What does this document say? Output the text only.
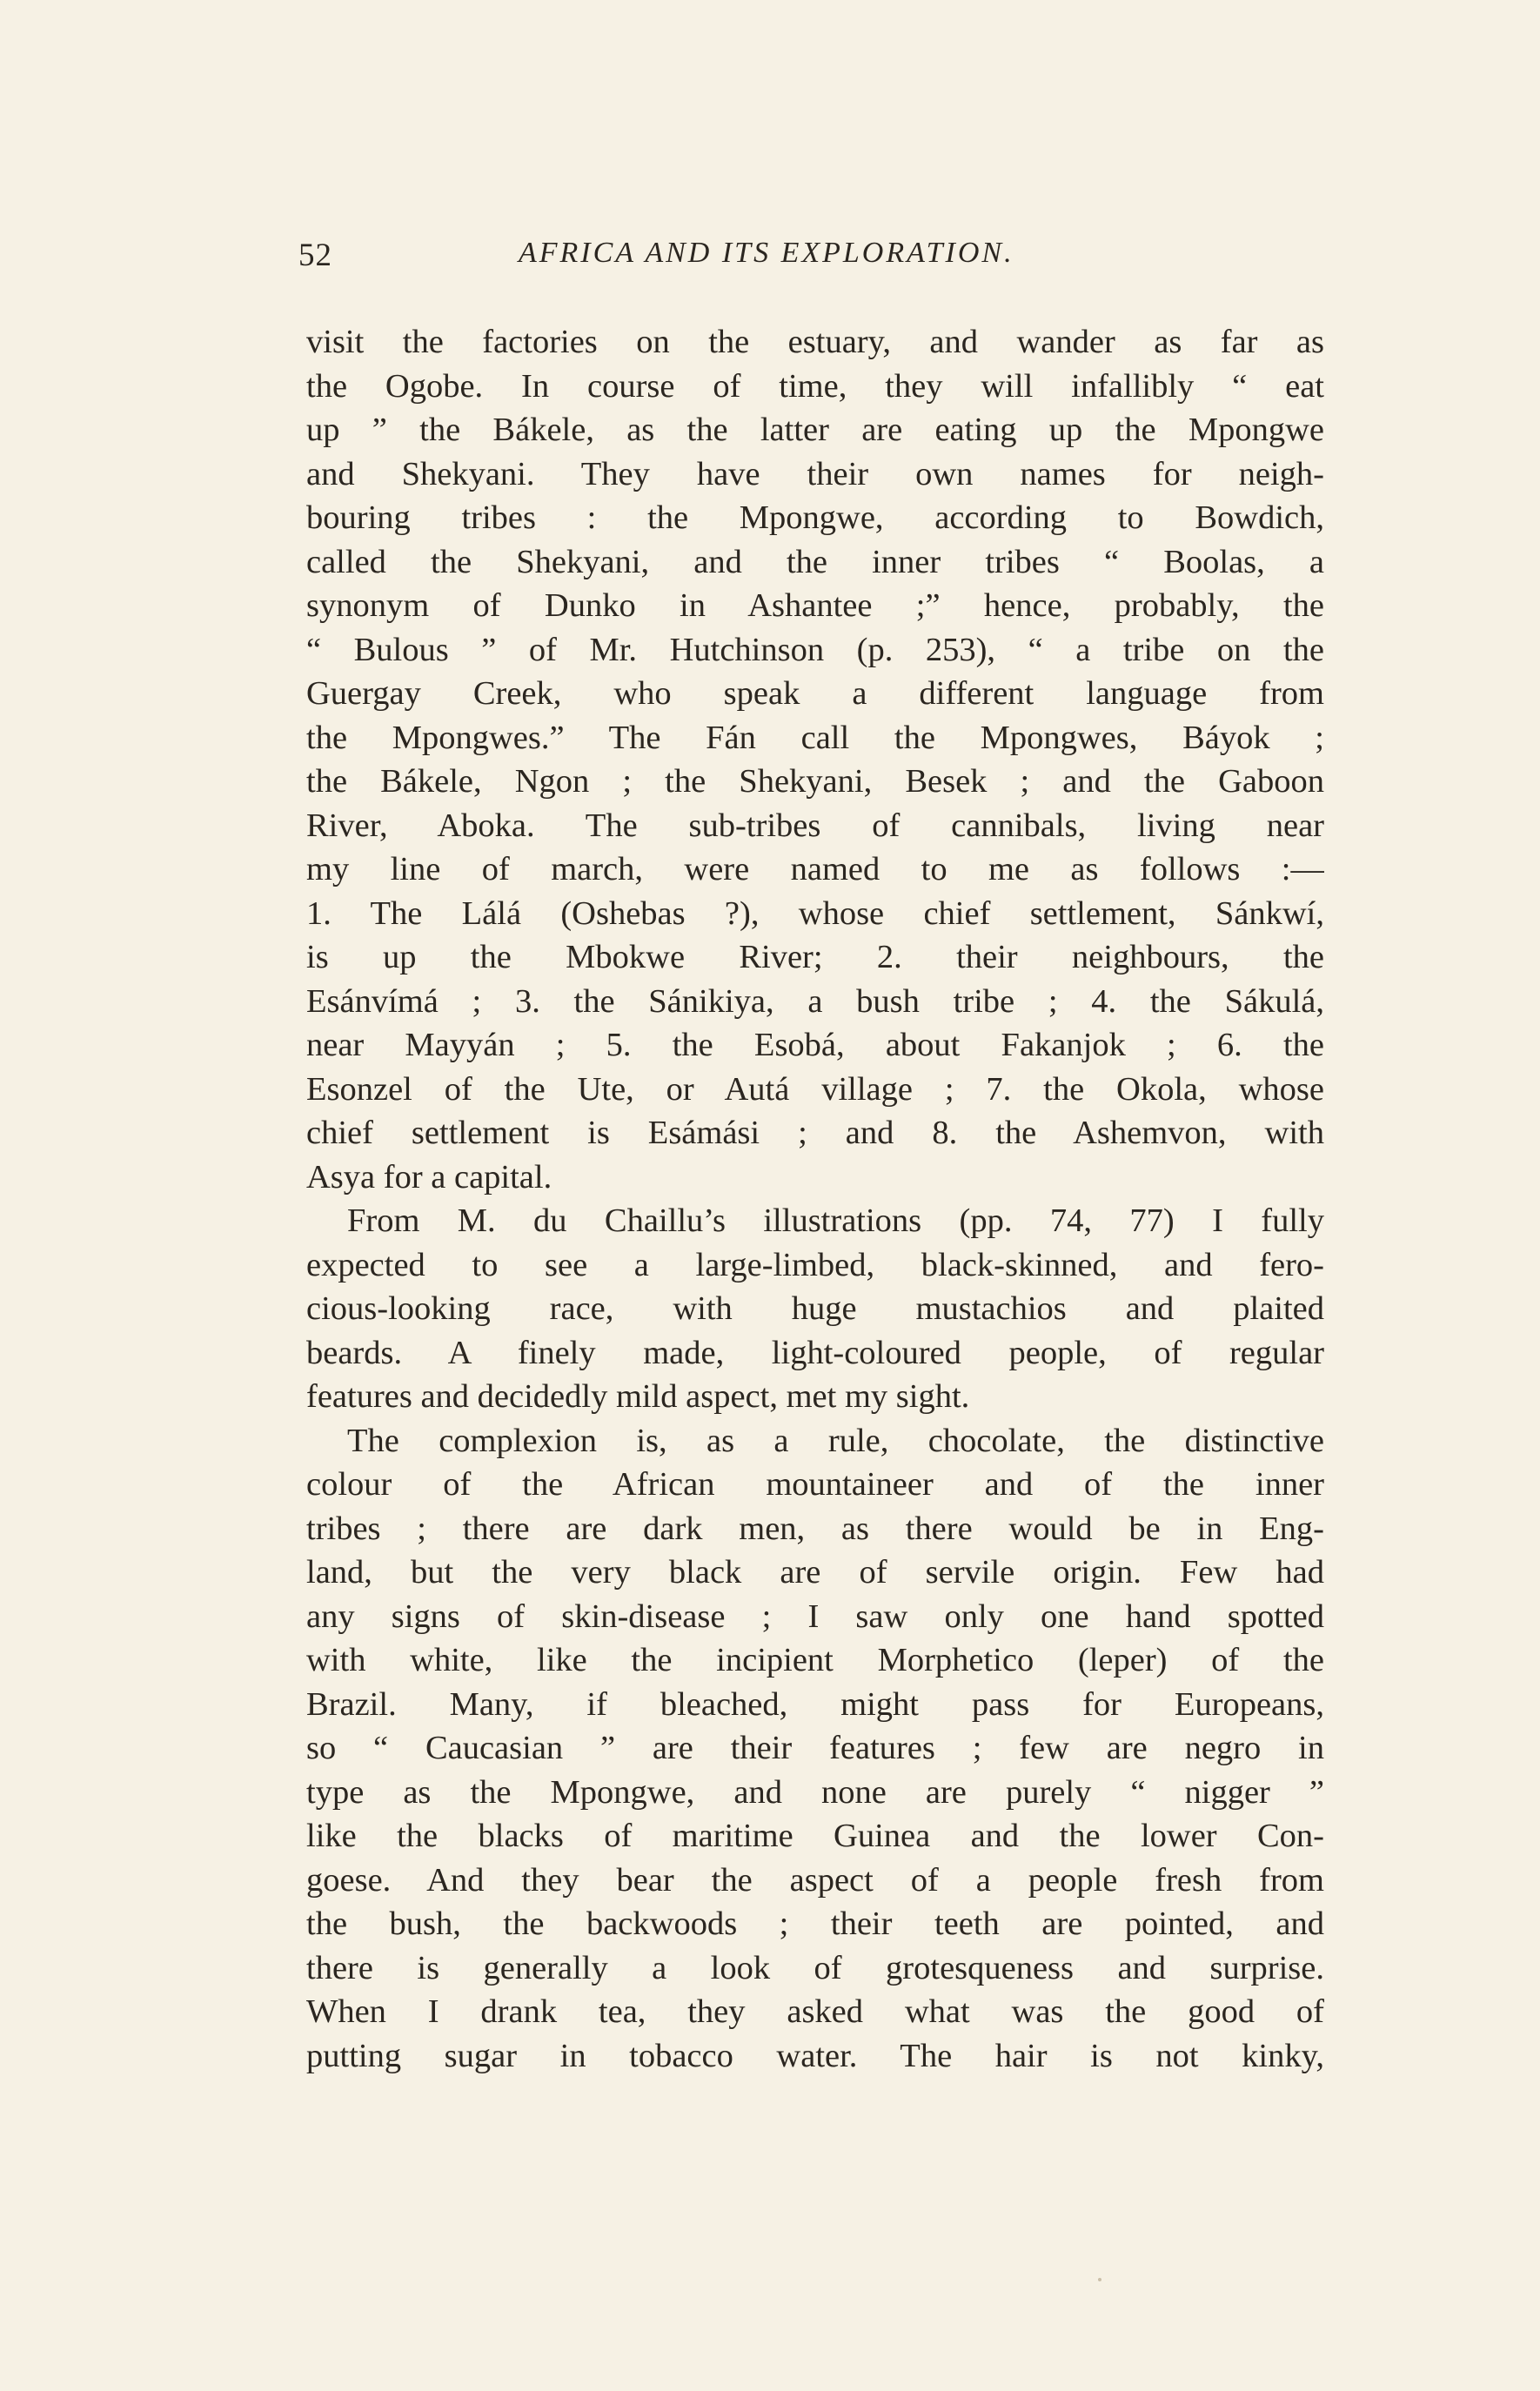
52	AFRICA AND ITS EXPLORATION.
visit the factories on the estuary, and wander as far as
the Ogobe. In course of time, they will infallibly “ eat
up ” the Bákele, as the latter are eating up the Mpongwe
and Shekyani. They have their own names for neigh-
bouring tribes : the Mpongwe, according to Bowdich,
called the Shekyani, and the inner tribes “ Boolas, a
synonym of Dunko in Ashantee ;” hence, probably, the
“ Bulous ” of Mr. Hutchinson (p. 253), “ a tribe on the
Guergay Creek, who speak a different language from
the Mpongwes.” The Fán call the Mpongwes, Báyok ;
the Bákele, Ngon ; the Shekyani, Besek ; and the Gaboon
River, Aboka. The sub-tribes of cannibals, living near
my line of march, were named to me as follows :—
1. The Lálá (Oshebas ?), whose chief settlement, Sánkwí,
is up the Mbokwe River; 2. their neighbours, the
Esánvímá ; 3. the Sánikiya, a bush tribe ; 4. the Sákulá,
near Mayyán ; 5. the Esobá, about Fakanjok ; 6. the
Esonzel of the Ute, or Autá village ; 7. the Okola, whose
chief settlement is Esámási ; and 8. the Ashemvon, with
Asya for a capital.
From M. du Chaillu’s illustrations (pp. 74, 77) I fully
expected to see a large-limbed, black-skinned, and fero-
cious-looking race, with huge mustachios and plaited
beards. A finely made, light-coloured people, of regular
features and decidedly mild aspect, met my sight.
The complexion is, as a rule, chocolate, the distinctive
colour of the African mountaineer and of the inner
tribes ; there are dark men, as there would be in Eng-
land, but the very black are of servile origin. Few had
any signs of skin-disease ; I saw only one hand spotted
with white, like the incipient Morphetico (leper) of the
Brazil. Many, if bleached, might pass for Europeans,
so “ Caucasian ” are their features ; few are negro in
type as the Mpongwe, and none are purely “ nigger ”
like the blacks of maritime Guinea and the lower Con-
goese. And they bear the aspect of a people fresh from
the bush, the backwoods ; their teeth are pointed, and
there is generally a look of grotesqueness and surprise.
When I drank tea, they asked what was the good of
putting sugar in tobacco water. The hair is not kinky,
